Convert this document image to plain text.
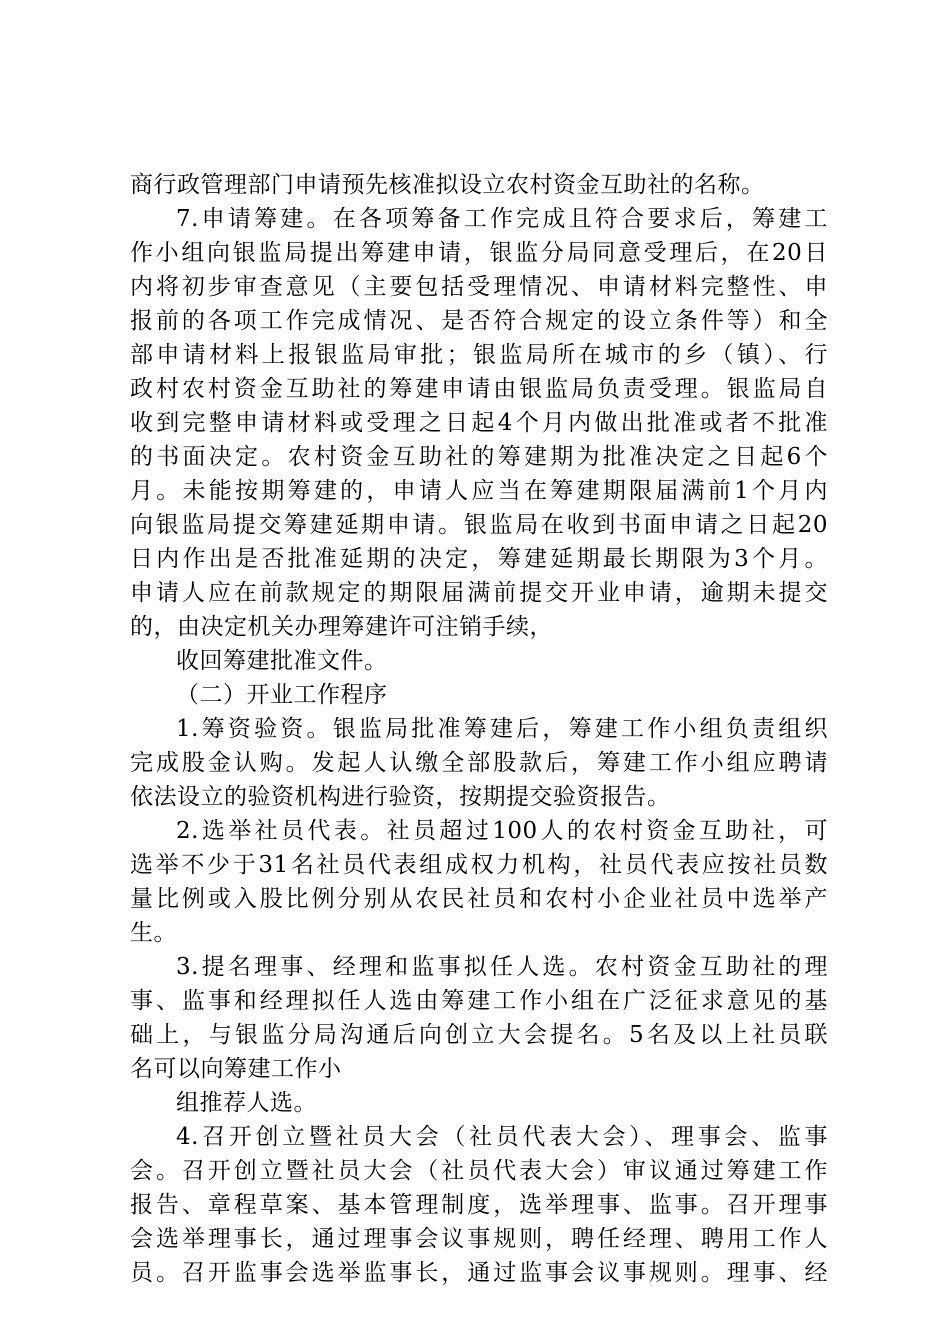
商行政管理部门申请预先核准拟设立农村资金互助社的名称。
7.申请筹建。在各项筹备工作完成且符合要求后，筹建工
作小组向银监局提出筹建申请，银监分局同意受理后，在20日
内将初步审查意见（主要包括受理情况、申请材料完整性、申
报前的各项工作完成情况、是否符合规定的设立条件等）和全
部申请材料上报银监局审批；银监局所在城市的乡（镇）、行
政村农村资金互助社的筹建申请由银监局负责受理。银监局自
收到完整申请材料或受理之日起4个月内做出批准或者不批准
的书面决定。农村资金互助社的筹建期为批准决定之日起6个
月。未能按期筹建的，申请人应当在筹建期限届满前1个月内
向银监局提交筹建延期申请。银监局在收到书面申请之日起20
日内作出是否批准延期的决定，筹建延期最长期限为3个月。
申请人应在前款规定的期限届满前提交开业申请，逾期未提交
的，由决定机关办理筹建许可注销手续，
收回筹建批准文件。
（二）开业工作程序
1.筹资验资。银监局批准筹建后，筹建工作小组负责组织
完成股金认购。发起人认缴全部股款后，筹建工作小组应聘请
依法设立的验资机构进行验资，按期提交验资报告。
2.选举社员代表。社员超过100人的农村资金互助社，可
选举不少于31名社员代表组成权力机构，社员代表应按社员数
量比例或入股比例分别从农民社员和农村小企业社员中选举产
生。
3.提名理事、经理和监事拟任人选。农村资金互助社的理
事、监事和经理拟任人选由筹建工作小组在广泛征求意见的基
础上，与银监分局沟通后向创立大会提名。5名及以上社员联
名可以向筹建工作小
组推荐人选。
4.召开创立暨社员大会（社员代表大会）、理事会、监事
会。召开创立暨社员大会（社员代表大会）审议通过筹建工作
报告、章程草案、基本管理制度，选举理事、监事。召开理事
会选举理事长，通过理事会议事规则，聘任经理、聘用工作人
员。召开监事会选举监事长，通过监事会议事规则。理事、经
